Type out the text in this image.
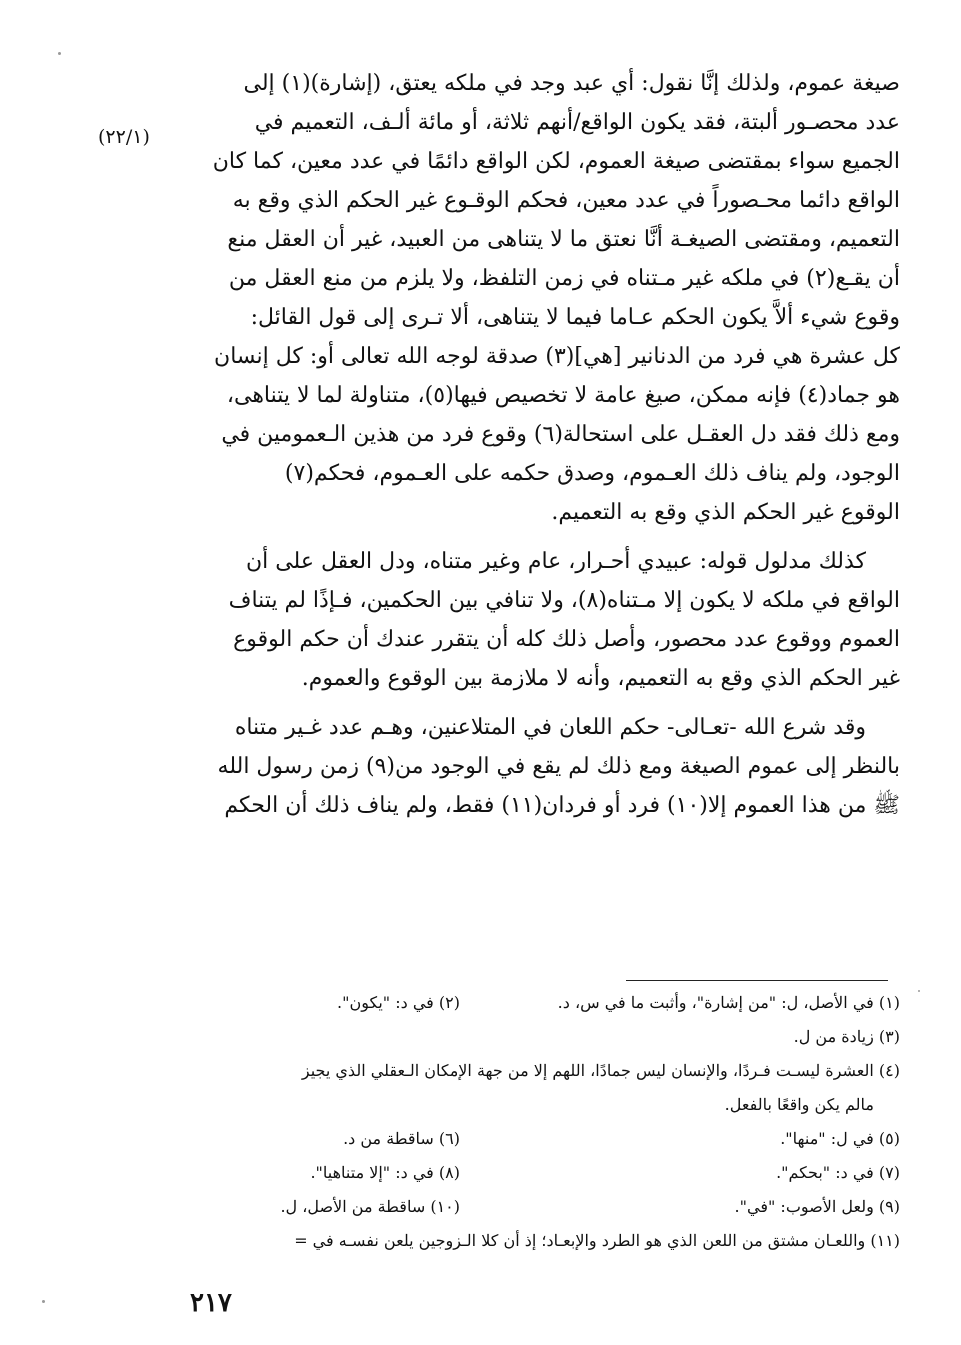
(٢٢/١)
صيغة عموم، ولذلك إنَّا نقول: أي عبد وجد في ملكه يعتق، (إشارة)(١) إلى
عدد محصـور ألبتة، فقد يكون الواقع/أنهم ثلاثة، أو مائة ألـف، التعميم في
الجميع سواء بمقتضى صيغة العموم، لكن الواقع دائمًا في عدد معين، كما كان
الواقع دائما محـصوراً في عدد معين، فحكم الوقـوع غير الحكم الذي وقع به
التعميم، ومقتضى الصيغـة أنَّا نعتق ما لا يتناهى من العبيد، غير أن العقل منع
أن يقـع(٢) في ملكه غير مـتناه في زمن التلفظ، ولا يلزم من منع العقل من
وقوع شيء ألاَّ يكون الحكم عـاما فيما لا يتناهى، ألا تـرى إلى قول القائل:
كل عشرة هي فرد من الدنانير [هي](٣) صدقة لوجه الله تعالى أو: كل إنسان
هو جماد(٤) فإنه ممكن، صيغ عامة لا تخصيص فيها(٥)، متناولة لما لا يتناهى،
ومع ذلك فقد دل العقـل على استحالة(٦) وقوع فرد من هذين الـعمومين في
الوجود، ولم يناف ذلك العـموم، وصدق حكمه على العـموم، فحكم(٧)
الوقوع غير الحكم الذي وقع به التعميم.
كذلك مدلول قوله: عبيدي أحـرار، عام وغير متناه، ودل العقل على أن
الواقع في ملكه لا يكون إلا مـتناه(٨)، ولا تنافي بين الحكمين، فـإذًا لم يتناف
العموم ووقوع عدد محصور، وأصل ذلك كله أن يتقرر عندك أن حكم الوقوع
غير الحكم الذي وقع به التعميم، وأنه لا ملازمة بين الوقوع والعموم.
وقد شرع الله -تعـالى- حكم اللعان في المتلاعنين، وهـم عدد غـير متناه
بالنظر إلى عموم الصيغة ومع ذلك لم يقع في الوجود من(٩) زمن رسول الله
ﷺ من هذا العموم إلا(١٠) فرد أو فردان(١١) فقط، ولم يناف ذلك أن الحكم
(١) في الأصل، ل: "من إشارة"، وأثبت ما في س، د.
(٢) في د: "يكون".
(٣) زيادة من ل.
(٤) العشرة ليسـت فـردًا، والإنسان ليس جمادًا، اللهم إلا من جهة الإمكان الـعقلي الذي يجيز
مالم يكن واقعًا بالفعل.
(٥) في ل: "منها".
(٦) ساقطة من د.
(٧) في د: "بحكم".
(٨) في د: "إلا متناهيا".
(٩) ولعل الأصوب: "في".
(١٠) ساقطة من الأصل، ل.
(١١) واللعـان مشتق من اللعن الذي هو الطرد والإبعـاد؛ إذ أن كلا الـزوجين يلعن نفسـه في =
٢١٧
